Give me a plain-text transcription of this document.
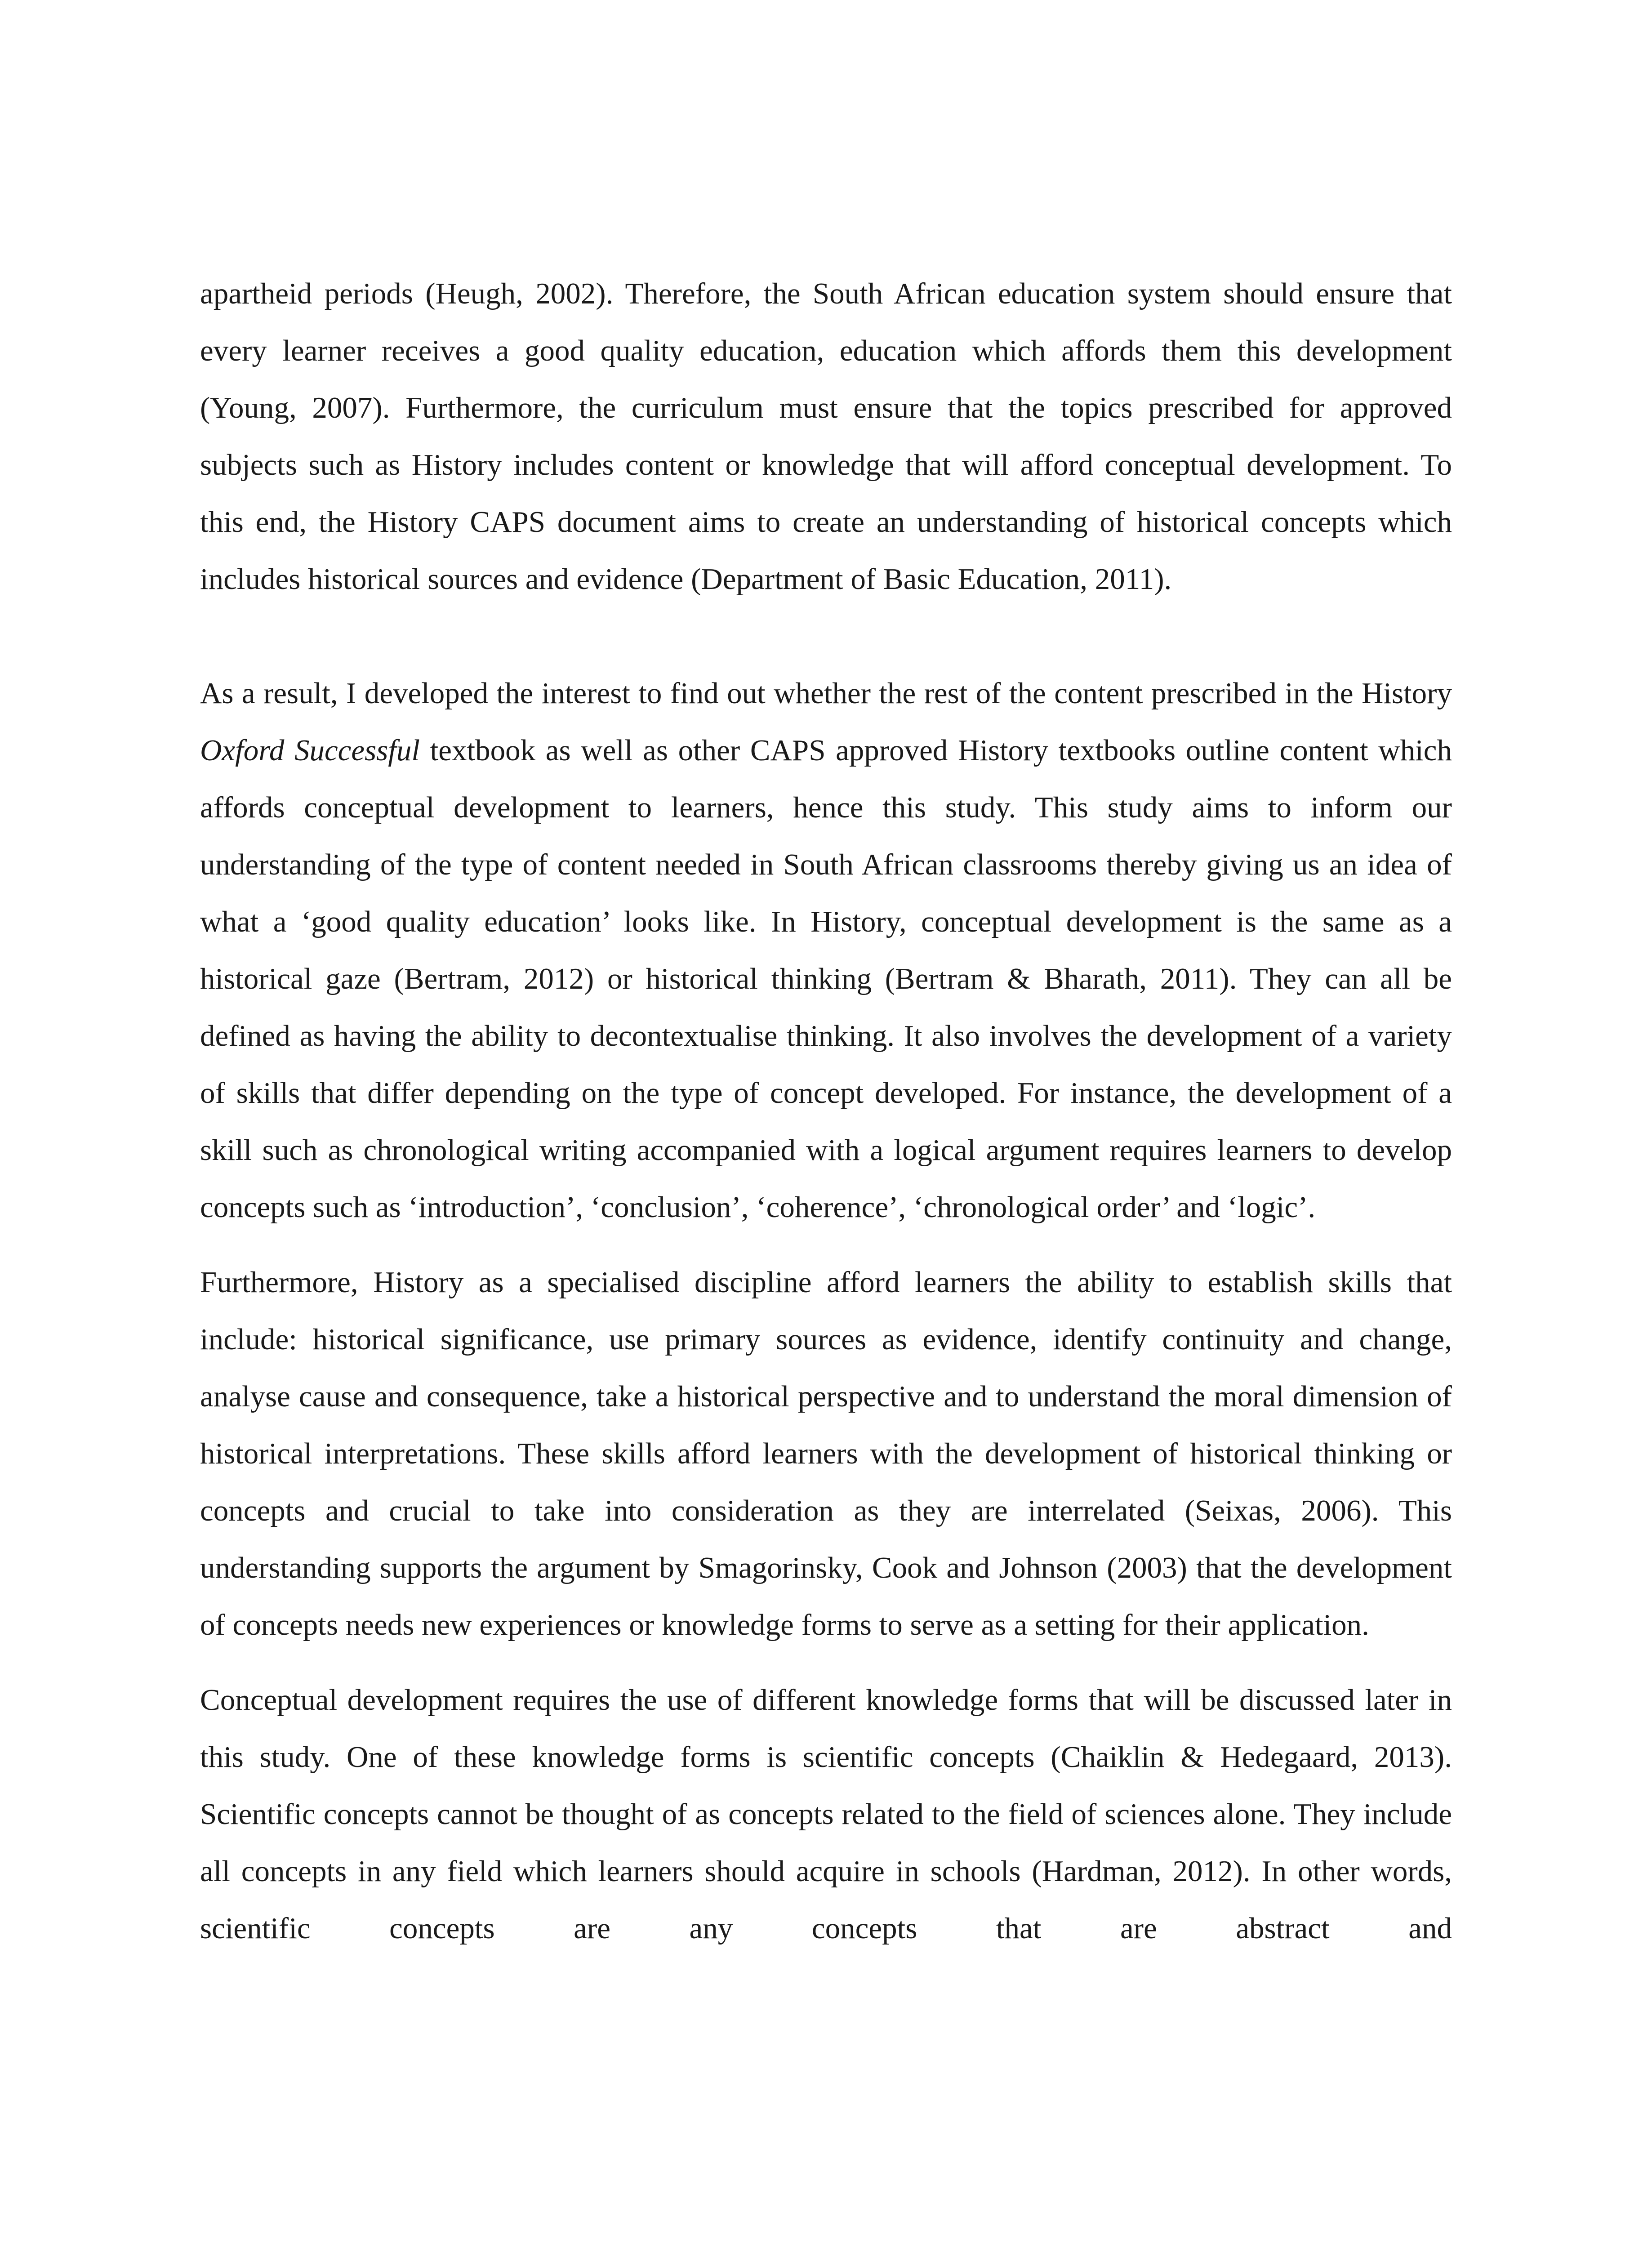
apartheid periods (Heugh, 2002). Therefore, the South African education system should ensure that every learner receives a good quality education, education which affords them this development (Young, 2007). Furthermore, the curriculum must ensure that the topics prescribed for approved subjects such as History includes content or knowledge that will afford conceptual development. To this end, the History CAPS document aims to create an understanding of historical concepts which includes historical sources and evidence (Department of Basic Education, 2011).

As a result, I developed the interest to find out whether the rest of the content prescribed in the History Oxford Successful textbook as well as other CAPS approved History textbooks outline content which affords conceptual development to learners, hence this study. This study aims to inform our understanding of the type of content needed in South African classrooms thereby giving us an idea of what a ‘good quality education’ looks like. In History, conceptual development is the same as a historical gaze (Bertram, 2012) or historical thinking (Bertram & Bharath, 2011). They can all be defined as having the ability to decontextualise thinking. It also involves the development of a variety of skills that differ depending on the type of concept developed. For instance, the development of a skill such as chronological writing accompanied with a logical argument requires learners to develop concepts such as ‘introduction’, ‘conclusion’, ‘coherence’, ‘chronological order’ and ‘logic’.

Furthermore, History as a specialised discipline afford learners the ability to establish skills that include: historical significance, use primary sources as evidence, identify continuity and change, analyse cause and consequence, take a historical perspective and to understand the moral dimension of historical interpretations. These skills afford learners with the development of historical thinking or concepts and crucial to take into consideration as they are interrelated (Seixas, 2006). This understanding supports the argument by Smagorinsky, Cook and Johnson (2003) that the development of concepts needs new experiences or knowledge forms to serve as a setting for their application.

Conceptual development requires the use of different knowledge forms that will be discussed later in this study. One of these knowledge forms is scientific concepts (Chaiklin & Hedegaard, 2013). Scientific concepts cannot be thought of as concepts related to the field of sciences alone. They include all concepts in any field which learners should acquire in schools (Hardman, 2012). In other words, scientific concepts are any concepts that are abstract and
